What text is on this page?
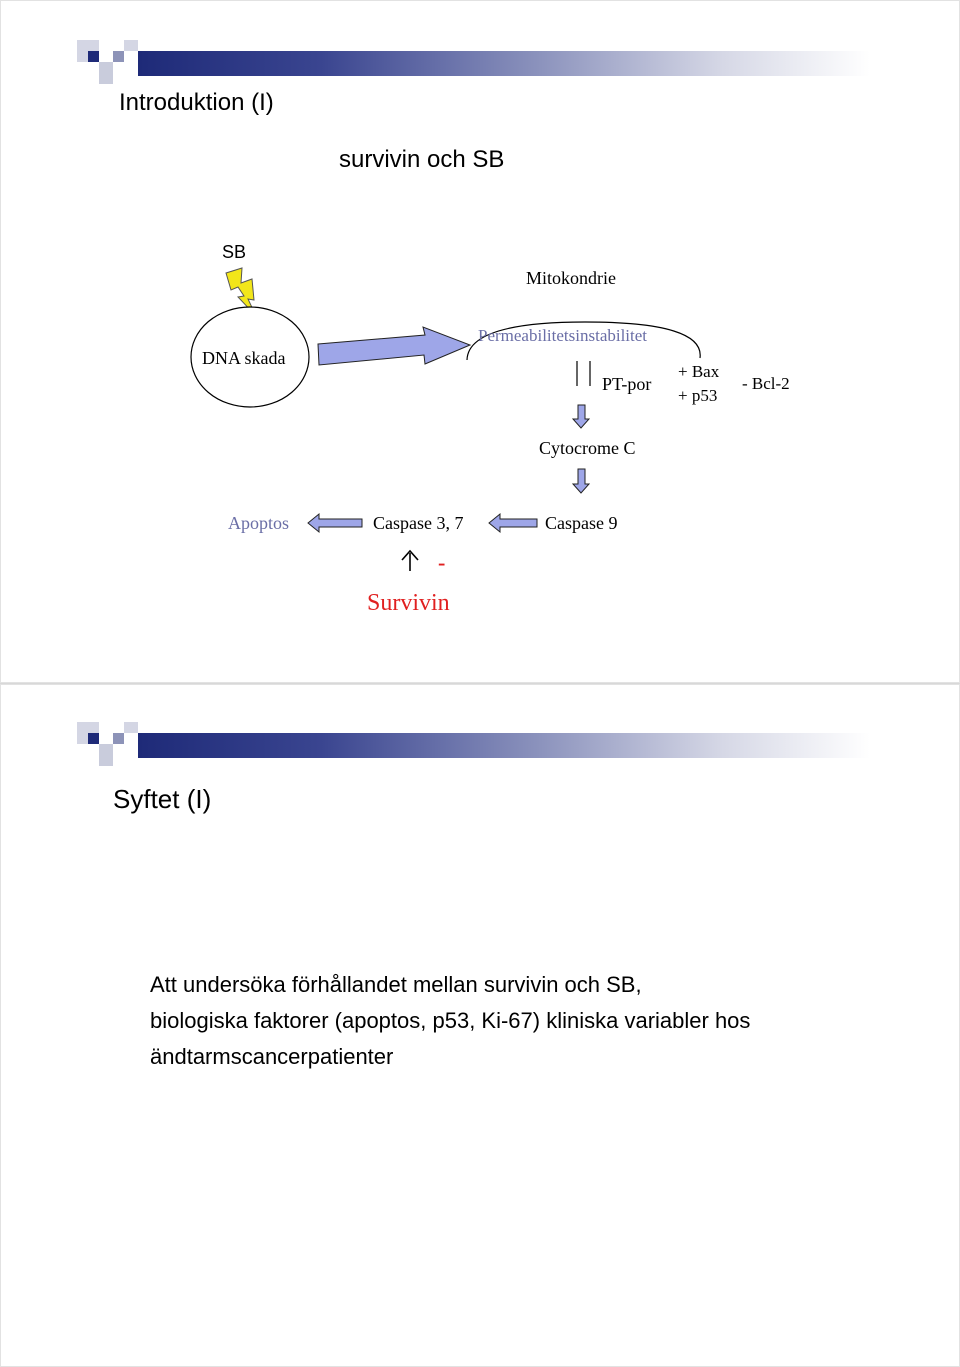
Introduktion (I)
survivin och SB
SB
Mitokondrie
Permeabilitetsinstabilitet
DNA skada
PT-por
+ Bax
+ p53
- Bcl-2
Cytocrome C
Apoptos	Caspase 3, 7	Caspase 9
-
Survivin
Syftet (I)
Att undersöka förhållandet mellan survivin och SB,
biologiska faktorer (apoptos, p53, Ki-67) kliniska variabler hos
ändtarmscancerpatienter
